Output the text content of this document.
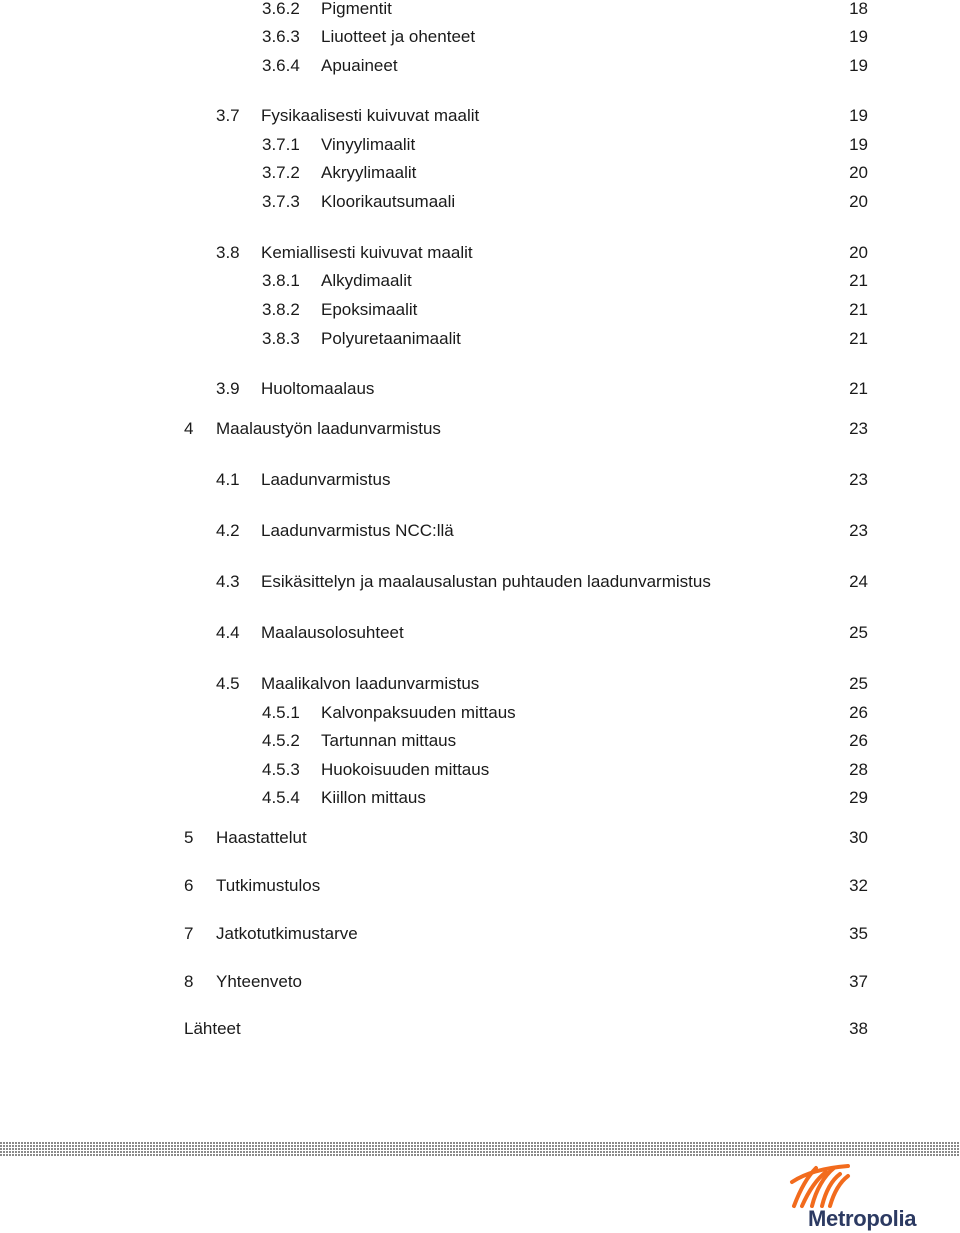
3.6.2 Pigmentit	18
3.6.3 Liuotteet ja ohenteet	19
3.6.4 Apuaineet	19
3.7 Fysikaalisesti kuivuvat maalit	19
3.7.1 Vinyylimaalit	19
3.7.2 Akryylimaalit	20
3.7.3 Kloorikautsumaali	20
3.8 Kemiallisesti kuivuvat maalit	20
3.8.1 Alkydimaalit	21
3.8.2 Epoksimaalit	21
3.8.3 Polyuretaanimaalit	21
3.9 Huoltomaalaus	21
4 Maalaustyön laadunvarmistus	23
4.1 Laadunvarmistus	23
4.2 Laadunvarmistus NCC:llä	23
4.3 Esikäsittelyn ja maalausalustan puhtauden laadunvarmistus	24
4.4 Maalausolosuhteet	25
4.5 Maalikalvon laadunvarmistus	25
4.5.1 Kalvonpaksuuden mittaus	26
4.5.2 Tartunnan mittaus	26
4.5.3 Huokoisuuden mittaus	28
4.5.4 Kiillon mittaus	29
5 Haastattelut	30
6 Tutkimustulos	32
7 Jatkotutkimustarve	35
8 Yhteenveto	37
Lähteet	38
Metropolia
